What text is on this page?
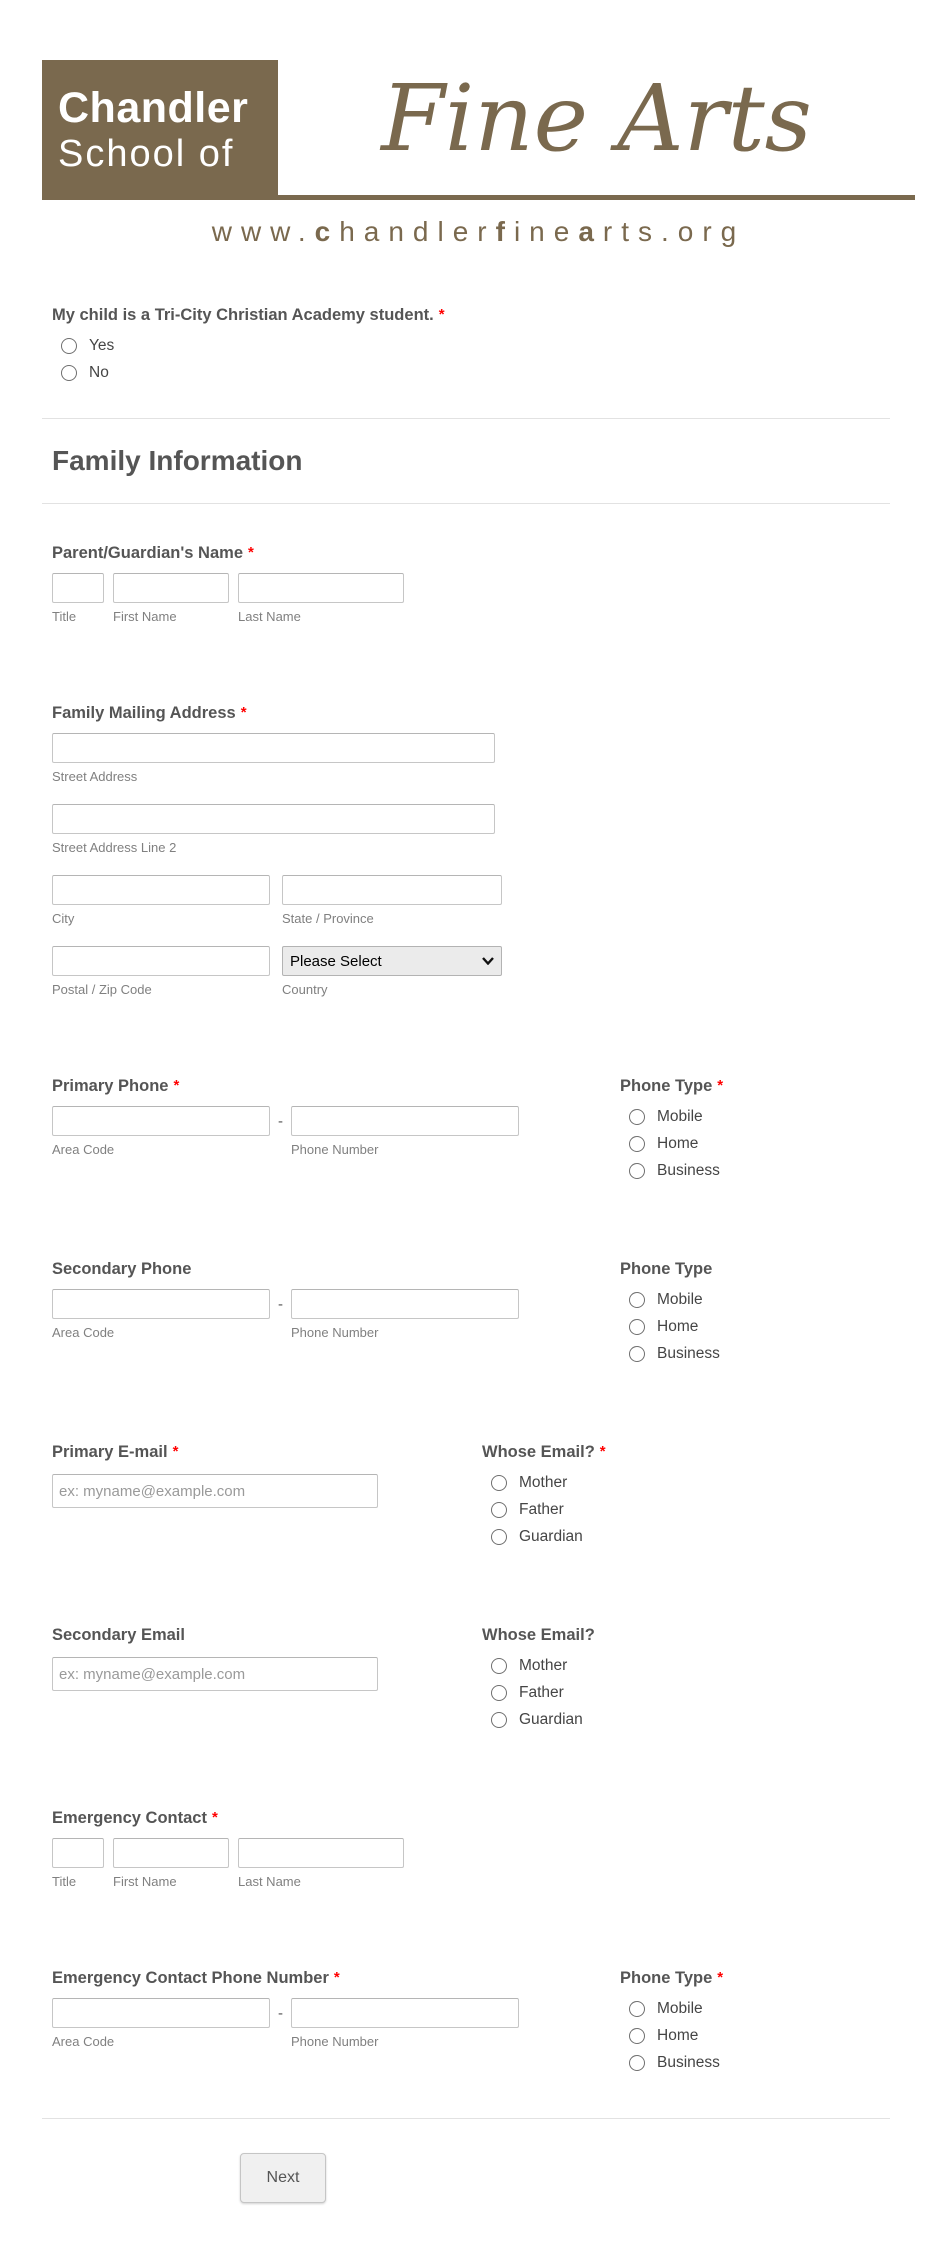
Chandler
School of	Fine Arts
www.chandlerfinearts.org
My child is a Tri-City Christian Academy student. *
Yes
No
Family Information
Parent/Guardian's Name *
Title	First Name	Last Name
Family Mailing Address *
Street Address
Street Address Line 2
City	State / Province
Postal / Zip Code
Please Select
Country
Primary Phone *
Area Code
-
Phone Number
Phone Type *
Mobile
Home
Business
Secondary Phone
Area Code
-
Phone Number
Phone Type
Mobile
Home
Business
Primary E-mail *
ex: myname@example.com	Whose Email? *
Mother
Father
Guardian
Secondary Email
ex: myname@example.com	Whose Email?
Mother
Father
Guardian
Emergency Contact *
Title	First Name	Last Name
Emergency Contact Phone Number *
Area Code
-
Phone Number
Phone Type *
Mobile
Home
Business
Next
